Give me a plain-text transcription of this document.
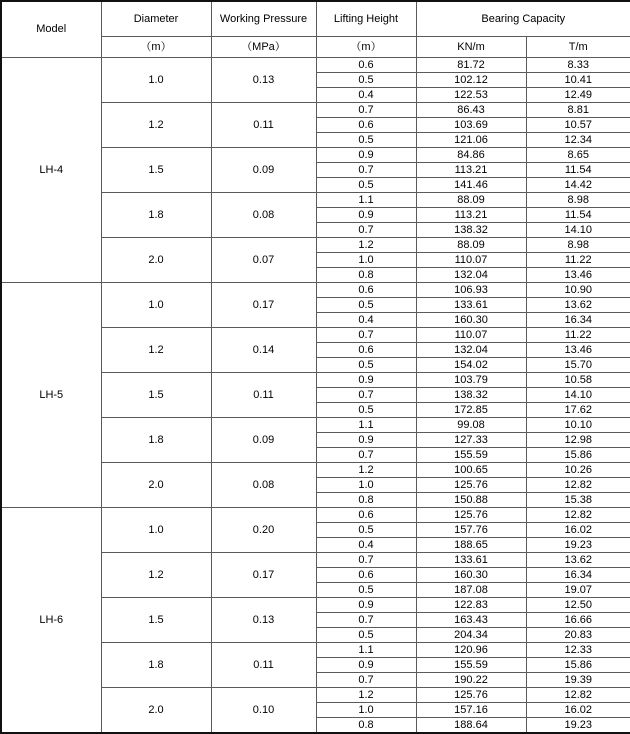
Model	Diameter	Working Pressure	Lifting Height	Bearing Capacity	
	（m）	（MPa）	（m）	KN/m	T/m
LH-4	1.0	0.13	0.6	81.72	8.33
			0.5	102.12	10.41
			0.4	122.53	12.49
	1.2	0.11	0.7	86.43	8.81
			0.6	103.69	10.57
			0.5	121.06	12.34
	1.5	0.09	0.9	84.86	8.65
			0.7	113.21	11.54
			0.5	141.46	14.42
	1.8	0.08	1.1	88.09	8.98
			0.9	113.21	11.54
			0.7	138.32	14.10
	2.0	0.07	1.2	88.09	8.98
			1.0	110.07	11.22
			0.8	132.04	13.46
LH-5	1.0	0.17	0.6	106.93	10.90
			0.5	133.61	13.62
			0.4	160.30	16.34
	1.2	0.14	0.7	110.07	11.22
			0.6	132.04	13.46
			0.5	154.02	15.70
	1.5	0.11	0.9	103.79	10.58
			0.7	138.32	14.10
			0.5	172.85	17.62
	1.8	0.09	1.1	99.08	10.10
			0.9	127.33	12.98
			0.7	155.59	15.86
	2.0	0.08	1.2	100.65	10.26
			1.0	125.76	12.82
			0.8	150.88	15.38
LH-6	1.0	0.20	0.6	125.76	12.82
			0.5	157.76	16.02
			0.4	188.65	19.23
	1.2	0.17	0.7	133.61	13.62
			0.6	160.30	16.34
			0.5	187.08	19.07
	1.5	0.13	0.9	122.83	12.50
			0.7	163.43	16.66
			0.5	204.34	20.83
	1.8	0.11	1.1	120.96	12.33
			0.9	155.59	15.86
			0.7	190.22	19.39
	2.0	0.10	1.2	125.76	12.82
			1.0	157.16	16.02
			0.8	188.64	19.23
